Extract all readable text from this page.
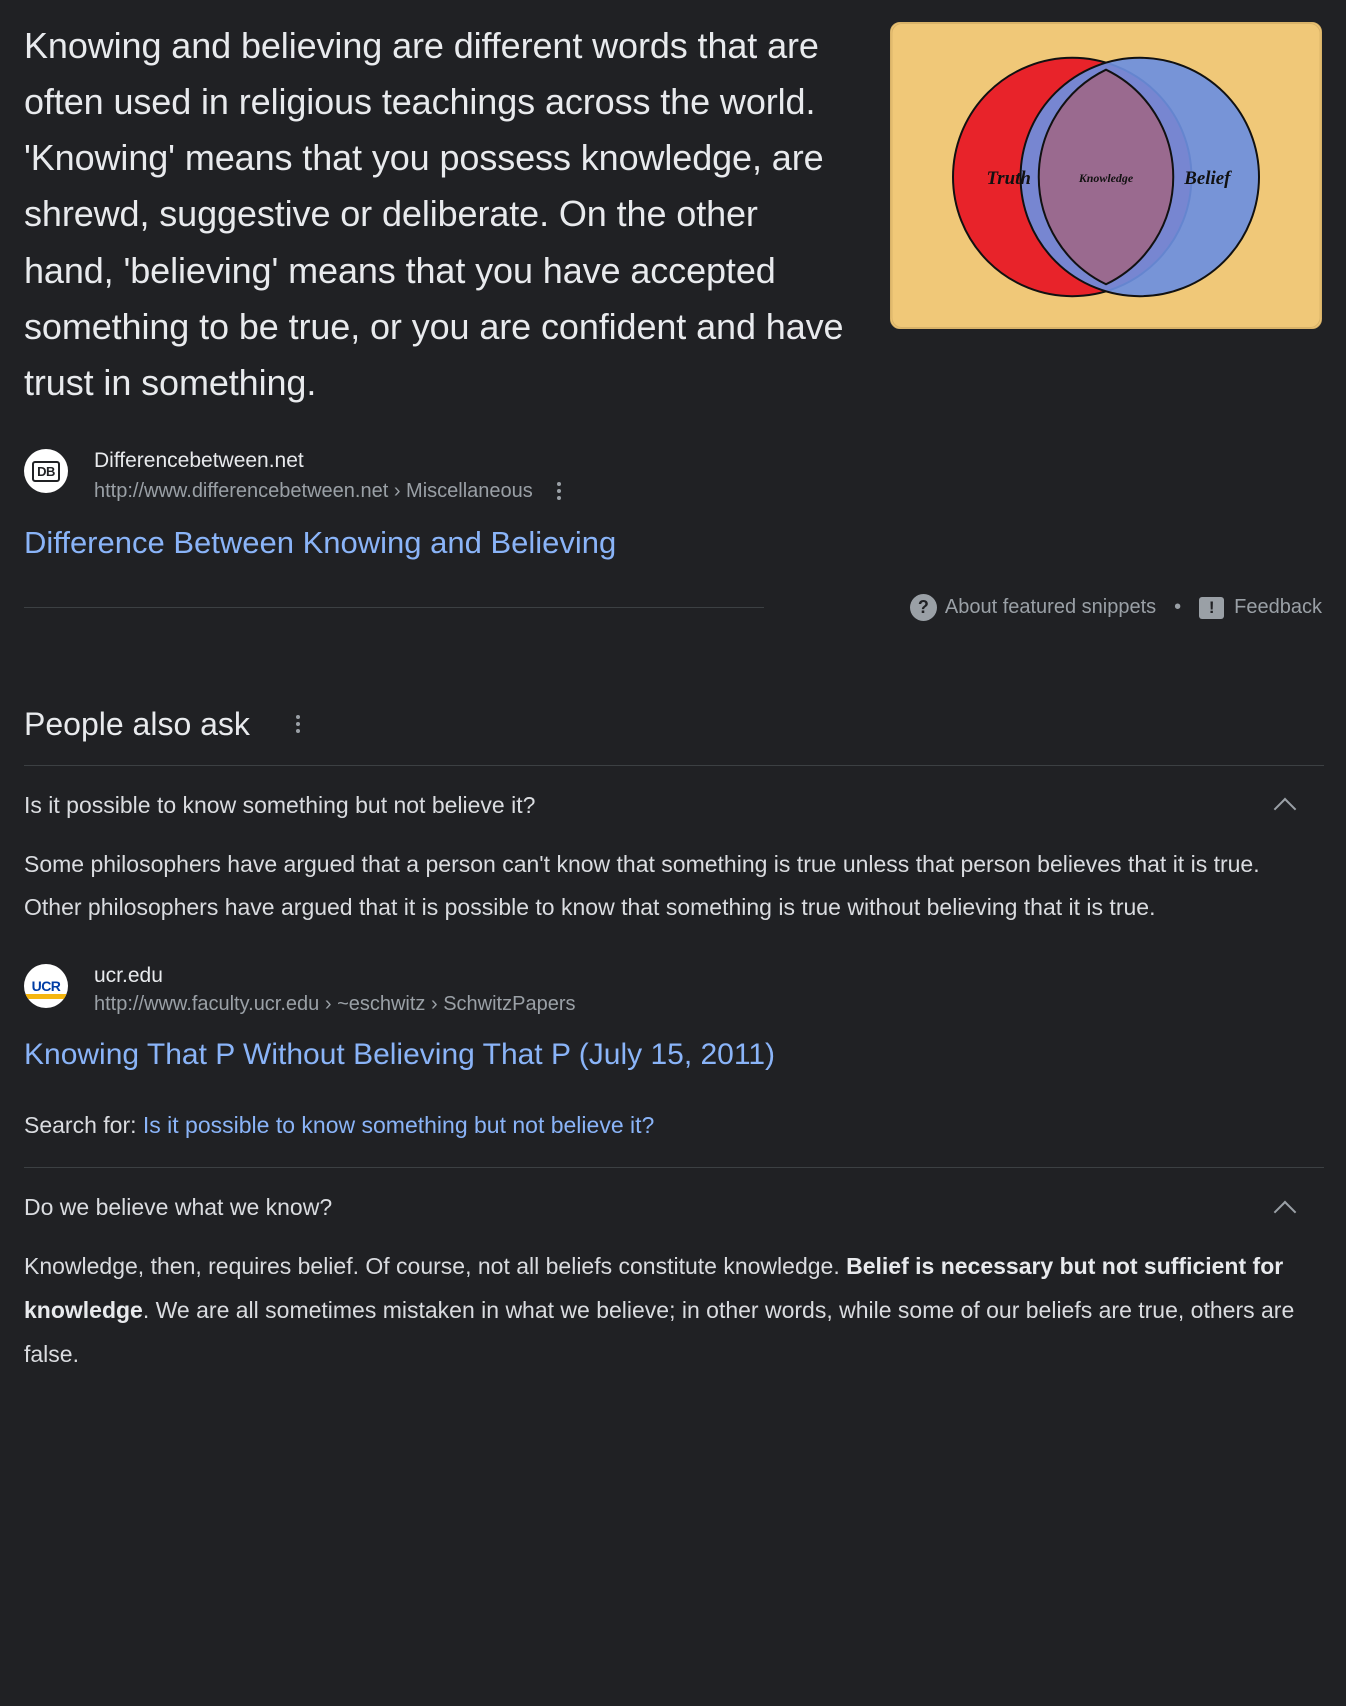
Knowing and believing are different words that are often used in religious teachings across the world. 'Knowing' means that you possess knowledge, are shrewd, suggestive or deliberate. On the other hand, 'believing' means that you have accepted something to be true, or you are confident and have trust in something.
Truth	Knowledge	Belief
DB Differencebetween.net
http://www.differencebetween.net › Miscellaneous
Difference Between Knowing and Believing
? About featured snippets •	! Feedback
People also ask
Is it possible to know something but not believe it?
Some philosophers have argued that a person can't know that something is true unless that person believes that it is true. Other philosophers have argued that it is possible to know that something is true without believing that it is true.
UCR ucr.edu
http://www.faculty.ucr.edu › ~eschwitz › SchwitzPapers
Knowing That P Without Believing That P (July 15, 2011)
Search for: Is it possible to know something but not believe it?
Do we believe what we know?
Knowledge, then, requires belief. Of course, not all beliefs constitute knowledge. Belief is necessary but not sufficient for knowledge. We are all sometimes mistaken in what we believe; in other words, while some of our beliefs are true, others are false.
